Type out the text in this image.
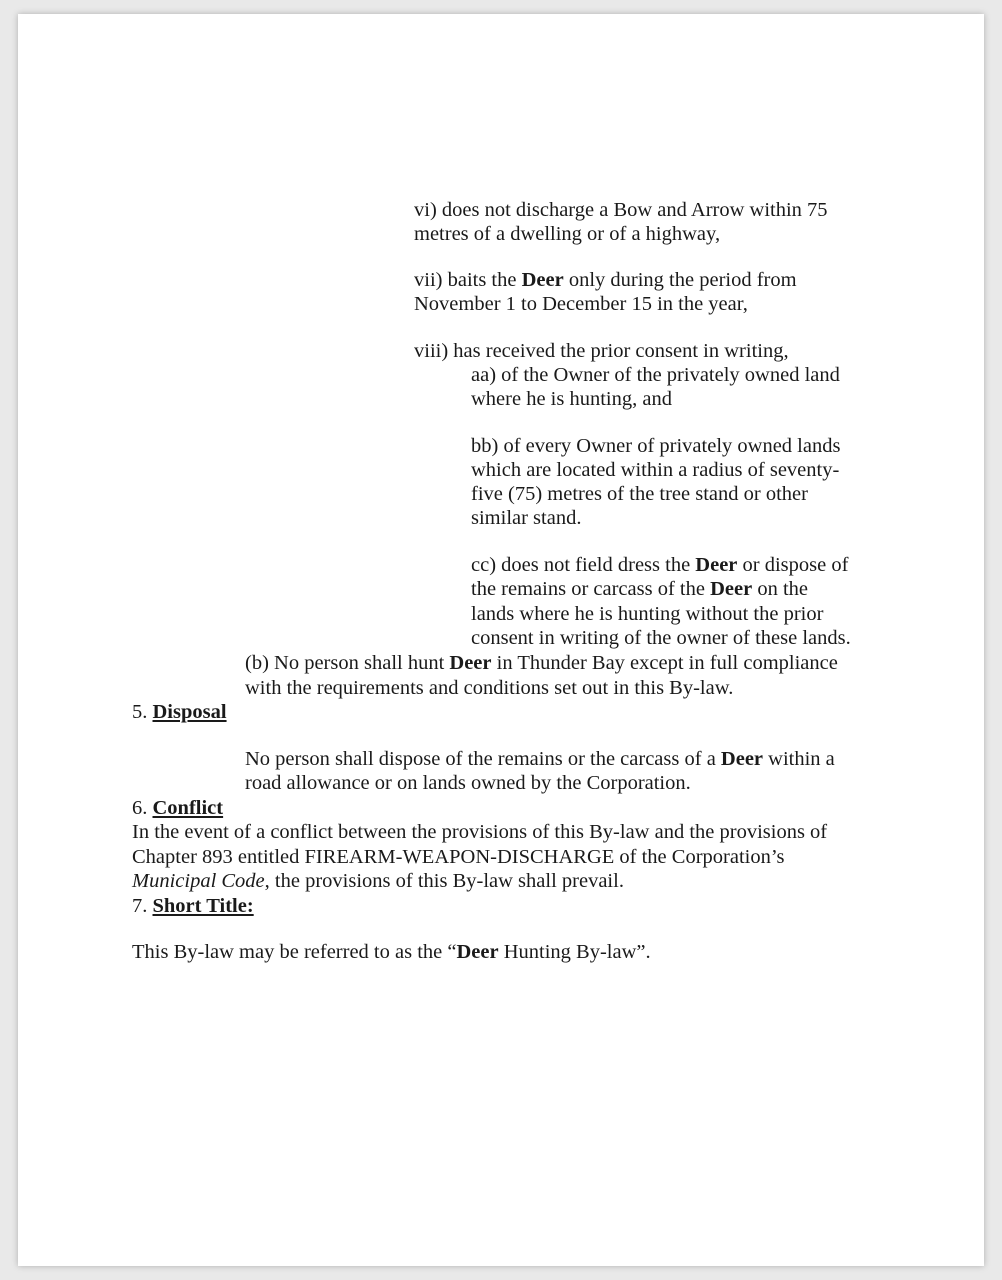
vi) does not discharge a Bow and Arrow within 75
metres of a dwelling or of a highway,
vii) baits the Deer only during the period from
November 1 to December 15 in the year,
viii) has received the prior consent in writing,
aa) of the Owner of the privately owned land
where he is hunting, and
bb) of every Owner of privately owned lands
which are located within a radius of seventy-
five (75) metres of the tree stand or other
similar stand.
cc) does not field dress the Deer or dispose of
the remains or carcass of the Deer on the
lands where he is hunting without the prior
consent in writing of the owner of these lands.
(b) No person shall hunt Deer in Thunder Bay except in full compliance
with the requirements and conditions set out in this By-law.
5. Disposal
No person shall dispose of the remains or the carcass of a Deer within a
road allowance or on lands owned by the Corporation.
6. Conflict
In the event of a conflict between the provisions of this By-law and the provisions of
Chapter 893 entitled FIREARM-WEAPON-DISCHARGE of the Corporation’s
Municipal Code, the provisions of this By-law shall prevail.
7. Short Title:
This By-law may be referred to as the “Deer Hunting By-law”.
